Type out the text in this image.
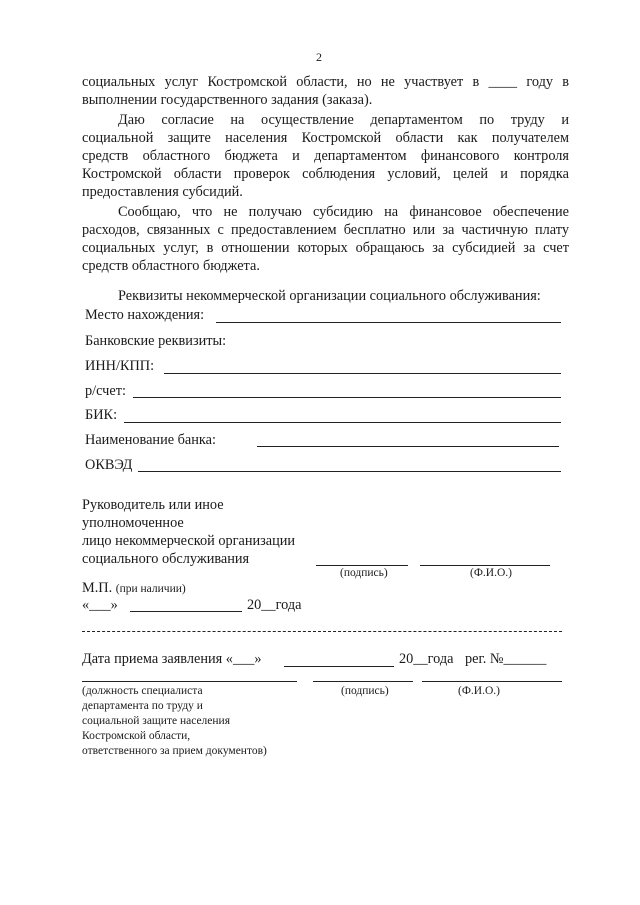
2
социальных услуг Костромской области, но не участвует в ____ году в
выполнении государственного задания (заказа).
Даю согласие на осуществление департаментом по труду и
социальной защите населения Костромской области как получателем
средств областного бюджета и департаментом финансового контроля
Костромской области проверок соблюдения условий, целей и порядка
предоставления субсидий.
Сообщаю, что не получаю субсидию на финансовое обеспечение
расходов, связанных с предоставлением бесплатно или за частичную плату
социальных услуг, в отношении которых обращаюсь за субсидией за счет
средств областного бюджета.
Реквизиты некоммерческой организации социального обслуживания:
Место нахождения:
Банковские реквизиты:
ИНН/КПП:
р/счет:
БИК:
Наименование банка:
ОКВЭД
Руководитель или иное
уполномоченное
лицо некоммерческой организации
социального обслуживания
(подпись)	(Ф.И.О.)
М.П. (при наличии)
«___»	20__года
Дата приема заявления «___»	20__года рег. №______
(должность специалиста
департамента по труду и
социальной защите населения
Костромской области,
ответственного за прием документов)
(подпись)	(Ф.И.О.)
